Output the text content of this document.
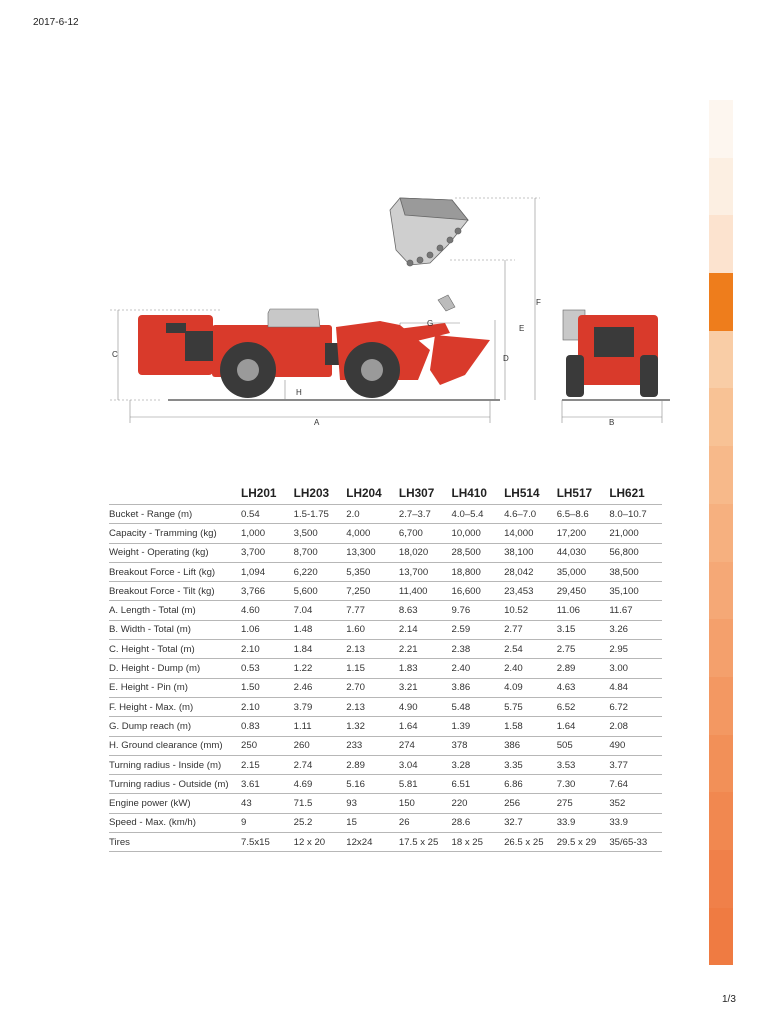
2017-6-12
C
H
A
G
D
E
F
B
	LH201	LH203	LH204	LH307	LH410	LH514	LH517	LH621
Bucket - Range (m)	0.54	1.5-1.75	2.0	2.7–3.7	4.0–5.4	4.6–7.0	6.5–8.6	8.0–10.7
Capacity - Tramming (kg)	1,000	3,500	4,000	6,700	10,000	14,000	17,200	21,000
Weight - Operating (kg)	3,700	8,700	13,300	18,020	28,500	38,100	44,030	56,800
Breakout Force - Lift (kg)	1,094	6,220	5,350	13,700	18,800	28,042	35,000	38,500
Breakout Force - Tilt (kg)	3,766	5,600	7,250	11,400	16,600	23,453	29,450	35,100
A. Length - Total (m)	4.60	7.04	7.77	8.63	9.76	10.52	11.06	11.67
B. Width - Total (m)	1.06	1.48	1.60	2.14	2.59	2.77	3.15	3.26
C. Height - Total (m)	2.10	1.84	2.13	2.21	2.38	2.54	2.75	2.95
D. Height - Dump (m)	0.53	1.22	1.15	1.83	2.40	2.40	2.89	3.00
E. Height - Pin (m)	1.50	2.46	2.70	3.21	3.86	4.09	4.63	4.84
F. Height - Max. (m)	2.10	3.79	2.13	4.90	5.48	5.75	6.52	6.72
G. Dump reach (m)	0.83	1.11	1.32	1.64	1.39	1.58	1.64	2.08
H. Ground clearance (mm)	250	260	233	274	378	386	505	490
Turning radius - Inside (m)	2.15	2.74	2.89	3.04	3.28	3.35	3.53	3.77
Turning radius - Outside (m)	3.61	4.69	5.16	5.81	6.51	6.86	7.30	7.64
Engine power (kW)	43	71.5	93	150	220	256	275	352
Speed - Max. (km/h)	9	25.2	15	26	28.6	32.7	33.9	33.9
Tires	7.5x15	12 x 20	12x24	17.5 x 25	18 x 25	26.5 x 25	29.5 x 29	35/65-33
1/3
